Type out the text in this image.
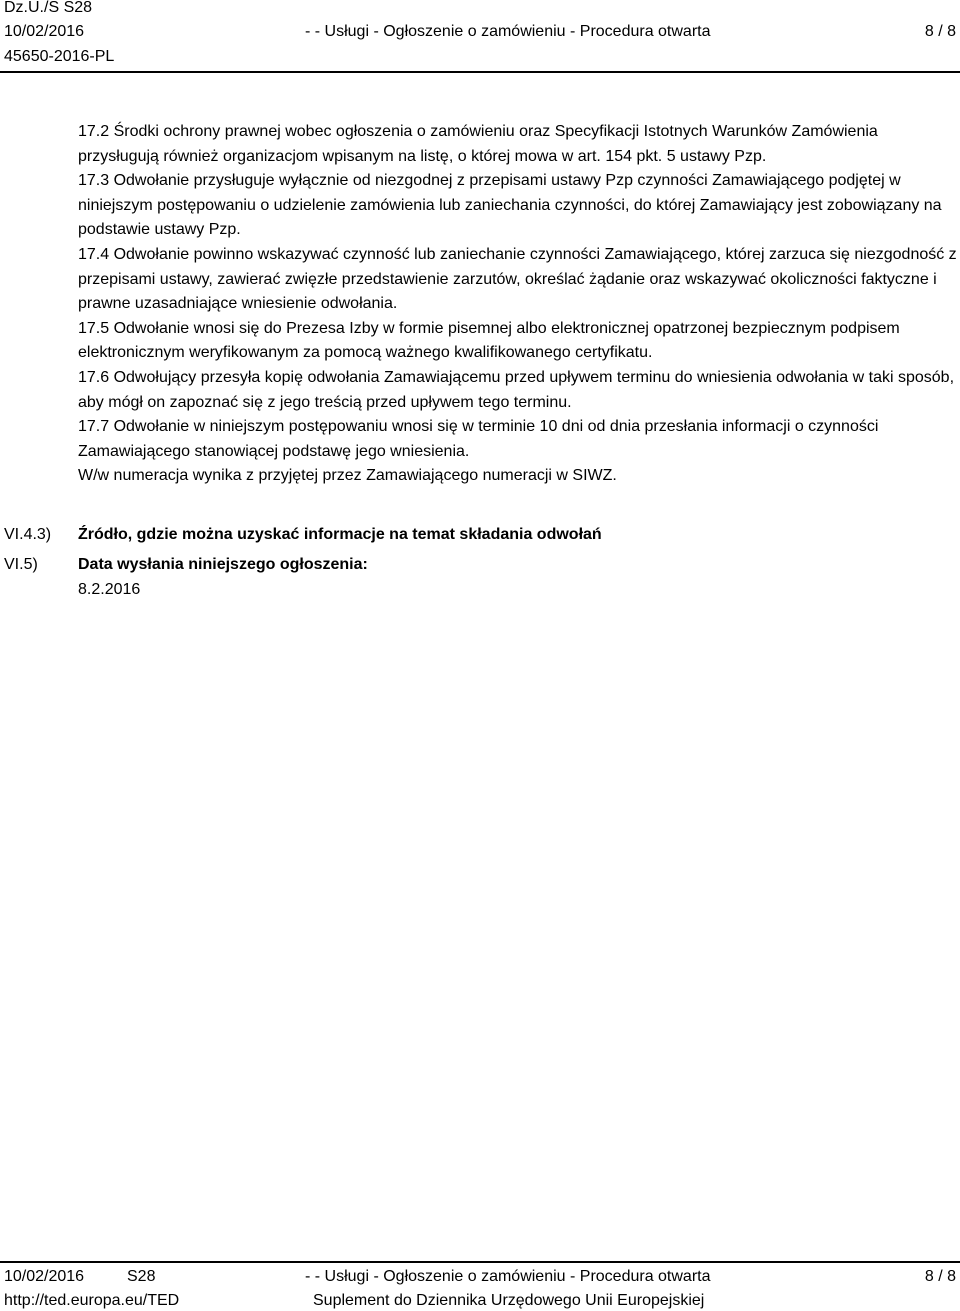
Dz.U./S S28
10/02/2016
45650-2016-PL
- - Usługi - Ogłoszenie o zamówieniu - Procedura otwarta	8 / 8

17.2 Środki ochrony prawnej wobec ogłoszenia o zamówieniu oraz Specyfikacji Istotnych Warunków Zamówienia przysługują również organizacjom wpisanym na listę, o której mowa w art. 154 pkt. 5 ustawy Pzp.

17.3 Odwołanie przysługuje wyłącznie od niezgodnej z przepisami ustawy Pzp czynności Zamawiającego podjętej w niniejszym postępowaniu o udzielenie zamówienia lub zaniechania czynności, do której Zamawiający jest zobowiązany na podstawie ustawy Pzp.

17.4 Odwołanie powinno wskazywać czynność lub zaniechanie czynności Zamawiającego, której zarzuca się niezgodność z przepisami ustawy, zawierać zwięzłe przedstawienie zarzutów, określać żądanie oraz wskazywać okoliczności faktyczne i prawne uzasadniające wniesienie odwołania.

17.5 Odwołanie wnosi się do Prezesa Izby w formie pisemnej albo elektronicznej opatrzonej bezpiecznym podpisem elektronicznym weryfikowanym za pomocą ważnego kwalifikowanego certyfikatu.

17.6 Odwołujący przesyła kopię odwołania Zamawiającemu przed upływem terminu do wniesienia odwołania w taki sposób, aby mógł on zapoznać się z jego treścią przed upływem tego terminu.

17.7 Odwołanie w niniejszym postępowaniu wnosi się w terminie 10 dni od dnia przesłania informacji o czynności Zamawiającego stanowiącej podstawę jego wniesienia.

W/w numeracja wynika z przyjętej przez Zamawiającego numeracji w SIWZ.

VI.4.3) Źródło, gdzie można uzyskać informacje na temat składania odwołań
VI.5)	Data wysłania niniejszego ogłoszenia:
8.2.2016
10/02/2016	S28
http://ted.europa.eu/TED
- - Usługi - Ogłoszenie o zamówieniu - Procedura otwarta
Suplement do Dziennika Urzędowego Unii Europejskiej
8 / 8
